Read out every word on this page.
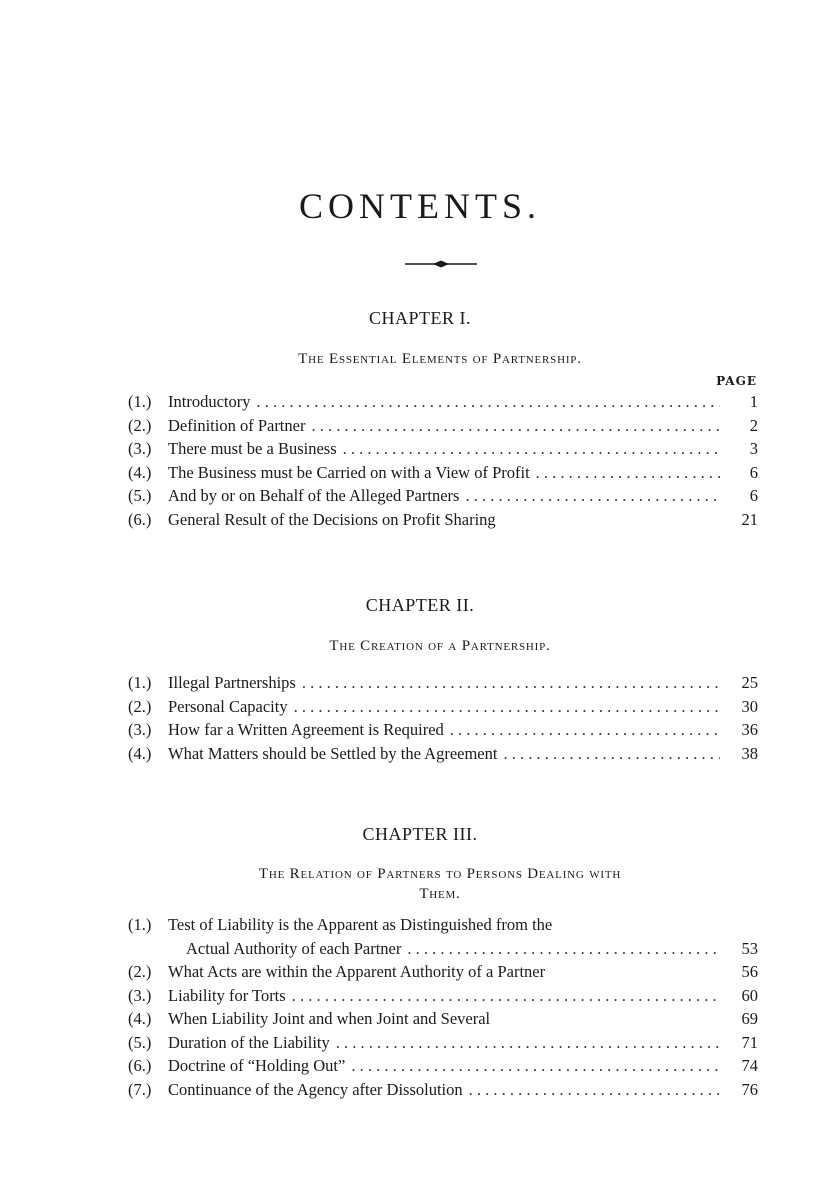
CONTENTS.
CHAPTER I.
The Essential Elements of Partnership.
PAGE
(1.)	Introductory . . .	1
(2.)	Definition of Partner . . .	2
(3.)	There must be a Business . . .	3
(4.)	The Business must be Carried on with a View of Profit . . .	6
(5.)	And by or on Behalf of the Alleged Partners . . .	6
(6.)	General Result of the Decisions on Profit Sharing	21
CHAPTER II.
The Creation of a Partnership.
(1.)	Illegal Partnerships . . .	25
(2.)	Personal Capacity . . .	30
(3.)	How far a Written Agreement is Required . . .	36
(4.)	What Matters should be Settled by the Agreement . . .	38
CHAPTER III.
The Relation of Partners to Persons Dealing with
Them.
(1.)	Test of Liability is the Apparent as Distinguished from the
Actual Authority of each Partner . . .	53
(2.)	What Acts are within the Apparent Authority of a Partner	56
(3.)	Liability for Torts . . .	60
(4.)	When Liability Joint and when Joint and Several	69
(5.)	Duration of the Liability . . .	71
(6.)	Doctrine of “Holding Out” . . .	74
(7.)	Continuance of the Agency after Dissolution . . .	76
